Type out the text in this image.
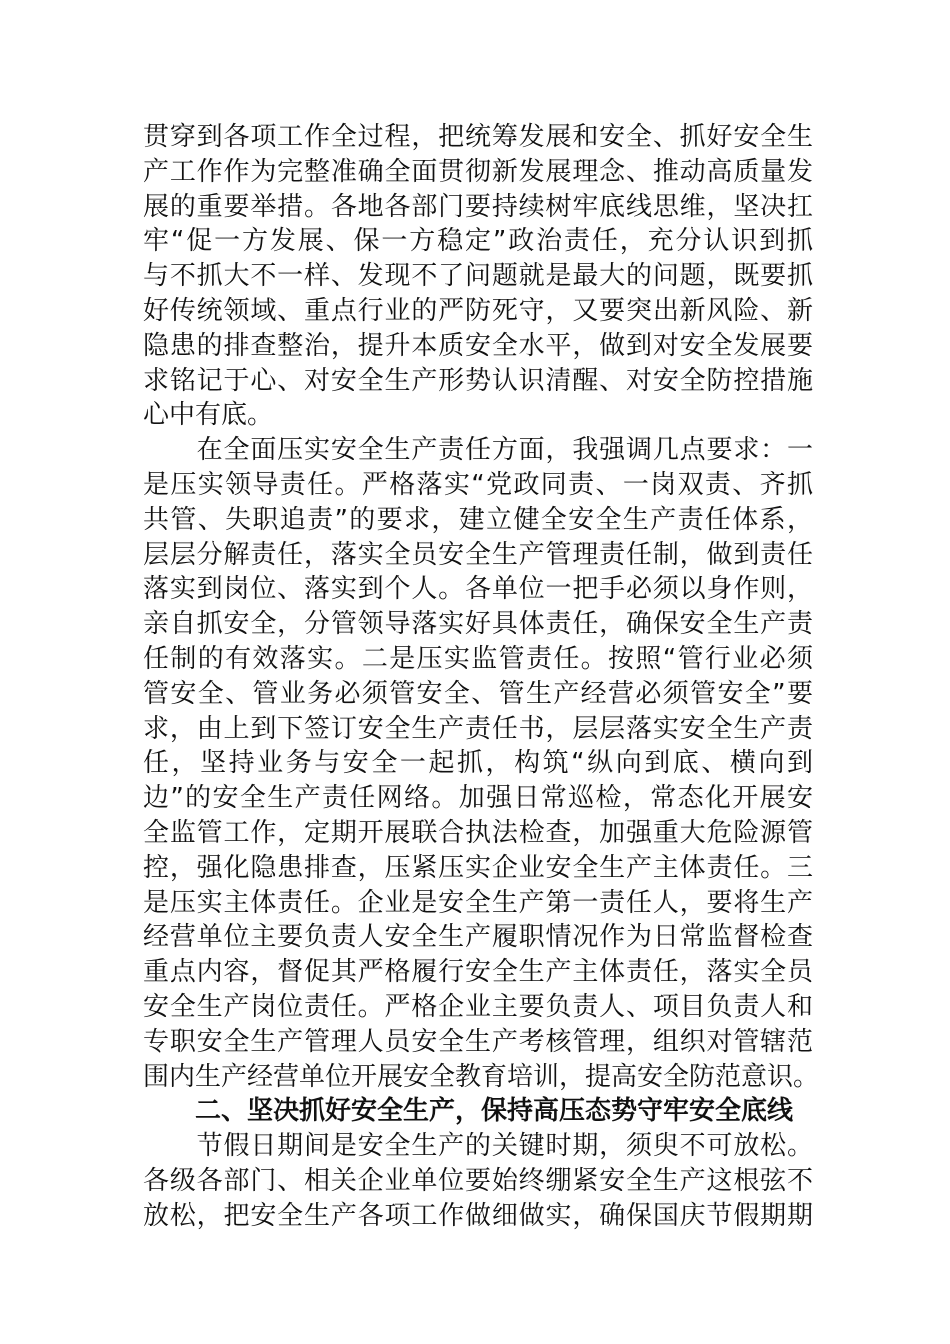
贯穿到各项工作全过程，把统筹发展和安全、抓好安全生
产工作作为完整准确全面贯彻新发展理念、推动高质量发
展的重要举措。各地各部门要持续树牢底线思维，坚决扛
牢“促一方发展、保一方稳定”政治责任，充分认识到抓
与不抓大不一样、发现不了问题就是最大的问题，既要抓
好传统领域、重点行业的严防死守，又要突出新风险、新
隐患的排查整治，提升本质安全水平，做到对安全发展要
求铭记于心、对安全生产形势认识清醒、对安全防控措施
心中有底。
　　在全面压实安全生产责任方面，我强调几点要求：一
是压实领导责任。严格落实“党政同责、一岗双责、齐抓
共管、失职追责”的要求，建立健全安全生产责任体系，
层层分解责任，落实全员安全生产管理责任制，做到责任
落实到岗位、落实到个人。各单位一把手必须以身作则，
亲自抓安全，分管领导落实好具体责任，确保安全生产责
任制的有效落实。二是压实监管责任。按照“管行业必须
管安全、管业务必须管安全、管生产经营必须管安全”要
求，由上到下签订安全生产责任书，层层落实安全生产责
任，坚持业务与安全一起抓，构筑“纵向到底、横向到
边”的安全生产责任网络。加强日常巡检，常态化开展安
全监管工作，定期开展联合执法检查，加强重大危险源管
控，强化隐患排查，压紧压实企业安全生产主体责任。三
是压实主体责任。企业是安全生产第一责任人，要将生产
经营单位主要负责人安全生产履职情况作为日常监督检查
重点内容，督促其严格履行安全生产主体责任，落实全员
安全生产岗位责任。严格企业主要负责人、项目负责人和
专职安全生产管理人员安全生产考核管理，组织对管辖范
围内生产经营单位开展安全教育培训，提高安全防范意识。
　　二、坚决抓好安全生产，保持高压态势守牢安全底线
　　节假日期间是安全生产的关键时期，须臾不可放松。
各级各部门、相关企业单位要始终绷紧安全生产这根弦不
放松，把安全生产各项工作做细做实，确保国庆节假期期
